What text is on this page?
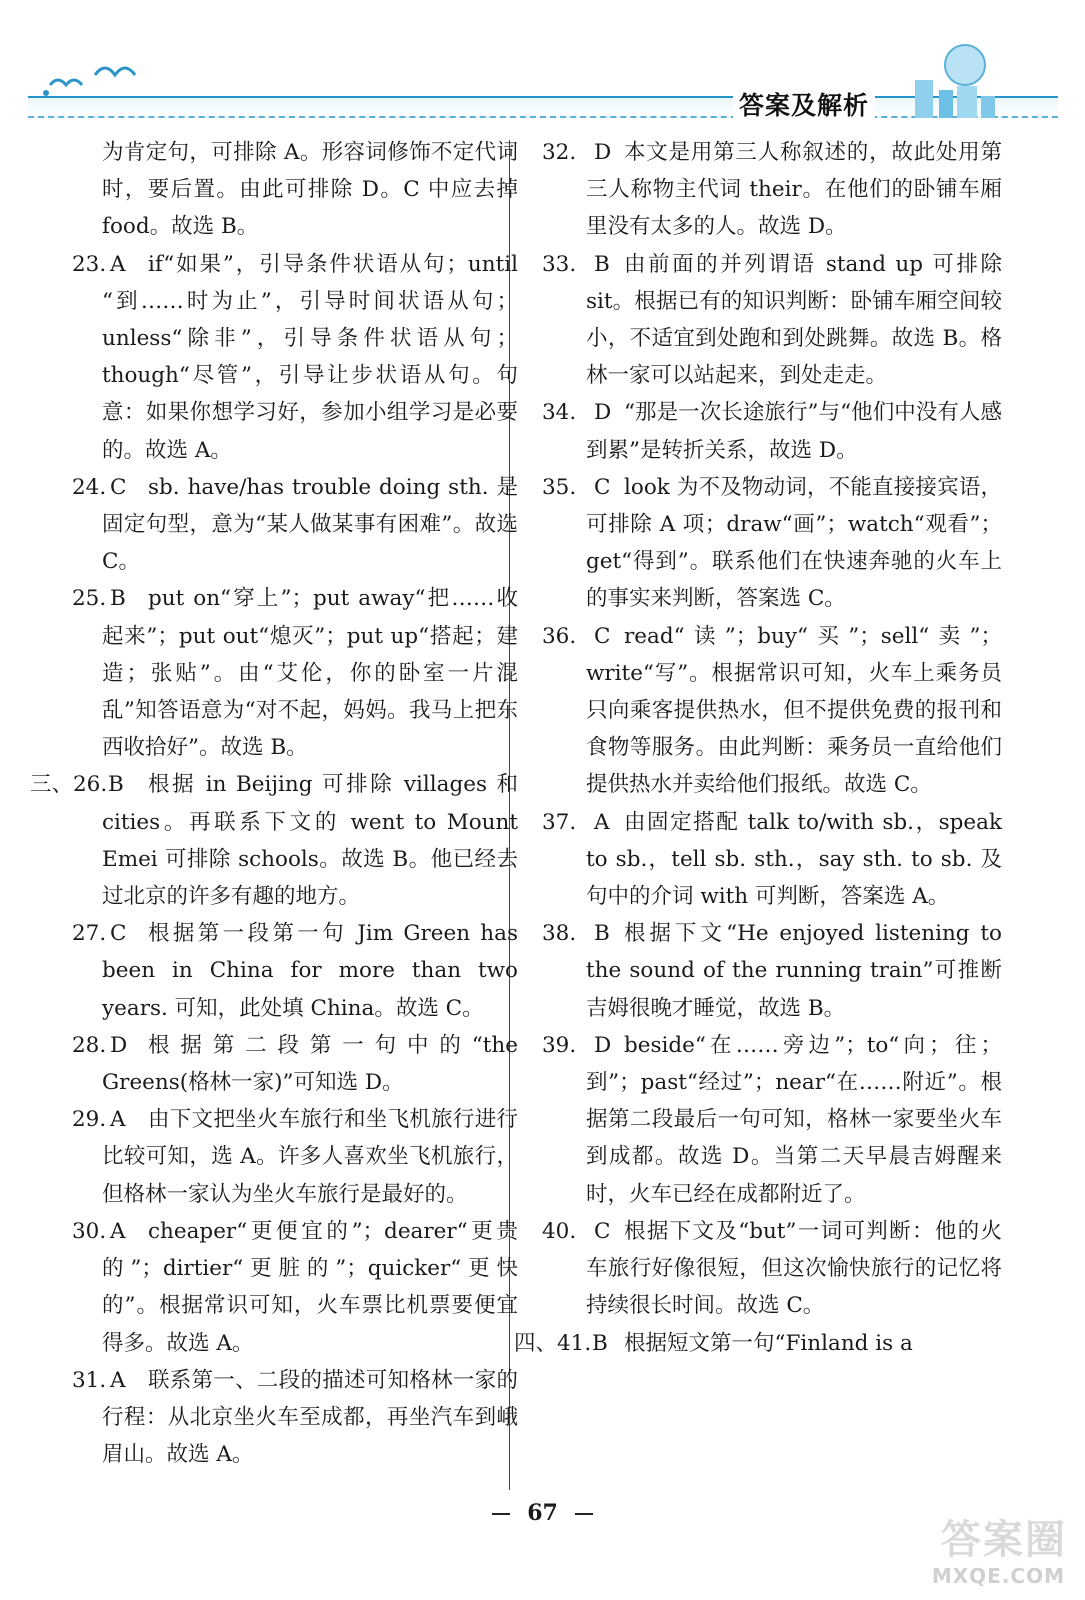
答案及解析
为肯定句，可排除 A。形容词修饰不定代词时，要后置。由此可排除 D。C 中应去掉 food。故选 B。
23. A	if“如果”，引导条件状语从句；until “到……时为止”，引导时间状语从句；unless“除非”，引导条件状语从句；though“尽管”，引导让步状语从句。句意：如果你想学习好，参加小组学习是必要的。故选 A。
24. C	sb. have/has trouble doing sth. 是固定句型，意为“某人做某事有困难”。故选 C。
25. B	put on“穿上”；put away“把……收起来”；put out“熄灭”；put up“搭起；建造；张贴”。由“艾伦，你的卧室一片混乱”知答语意为“对不起，妈妈。我马上把东西收拾好”。故选 B。
三、26. B	根据 in Beijing 可排除 villages 和 cities。再联系下文的 went to Mount Emei 可排除 schools。故选 B。他已经去过北京的许多有趣的地方。
27. C	根据第一段第一句 Jim Green has been in China for more than two years. 可知，此处填 China。故选 C。
28. D 根据第二段第一句中的“the Greens(格林一家)”可知选 D。
29. A	由下文把坐火车旅行和坐飞机旅行进行比较可知，选 A。许多人喜欢坐飞机旅行，但格林一家认为坐火车旅行是最好的。
30. A	cheaper“更便宜的”；dearer“更贵的”；dirtier“更脏的”；quicker“更快的”。根据常识可知，火车票比机票要便宜得多。故选 A。
31. A	联系第一、二段的描述可知格林一家的行程：从北京坐火车至成都，再坐汽车到峨眉山。故选 A。
32. D 本文是用第三人称叙述的，故此处用第三人称物主代词 their。在他们的卧铺车厢里没有太多的人。故选 D。
33. B 由前面的并列谓语 stand up 可排除 sit。根据已有的知识判断：卧铺车厢空间较小，不适宜到处跑和到处跳舞。故选 B。格林一家可以站起来，到处走走。
34. D “那是一次长途旅行”与“他们中没有人感到累”是转折关系，故选 D。
35. C look 为不及物动词，不能直接接宾语，可排除 A 项；draw“画”；watch“观看”；get“得到”。联系他们在快速奔驰的火车上的事实来判断，答案选 C。
36. C read“读”；buy“买”；sell“卖”；write“写”。根据常识可知，火车上乘务员只向乘客提供热水，但不提供免费的报刊和食物等服务。由此判断：乘务员一直给他们提供热水并卖给他们报纸。故选 C。
37. A 由固定搭配 talk to/with sb.，speak to sb.，tell sb. sth.，say sth. to sb. 及句中的介词 with 可判断，答案选 A。
38. B 根据下文“He enjoyed listening to the sound of the running train”可推断吉姆很晚才睡觉，故选 B。
39. D beside“在……旁边”；to“向；往；到”；past“经过”；near“在……附近”。根据第二段最后一句可知，格林一家要坐火车到成都。故选 D。当第二天早晨吉姆醒来时，火车已经在成都附近了。
40. C 根据下文及“but”一词可判断：他的火车旅行好像很短，但这次愉快旅行的记忆将持续很长时间。故选 C。
四、41. B 根据短文第一句“Finland is a
67
答案圈
MXQE.COM
